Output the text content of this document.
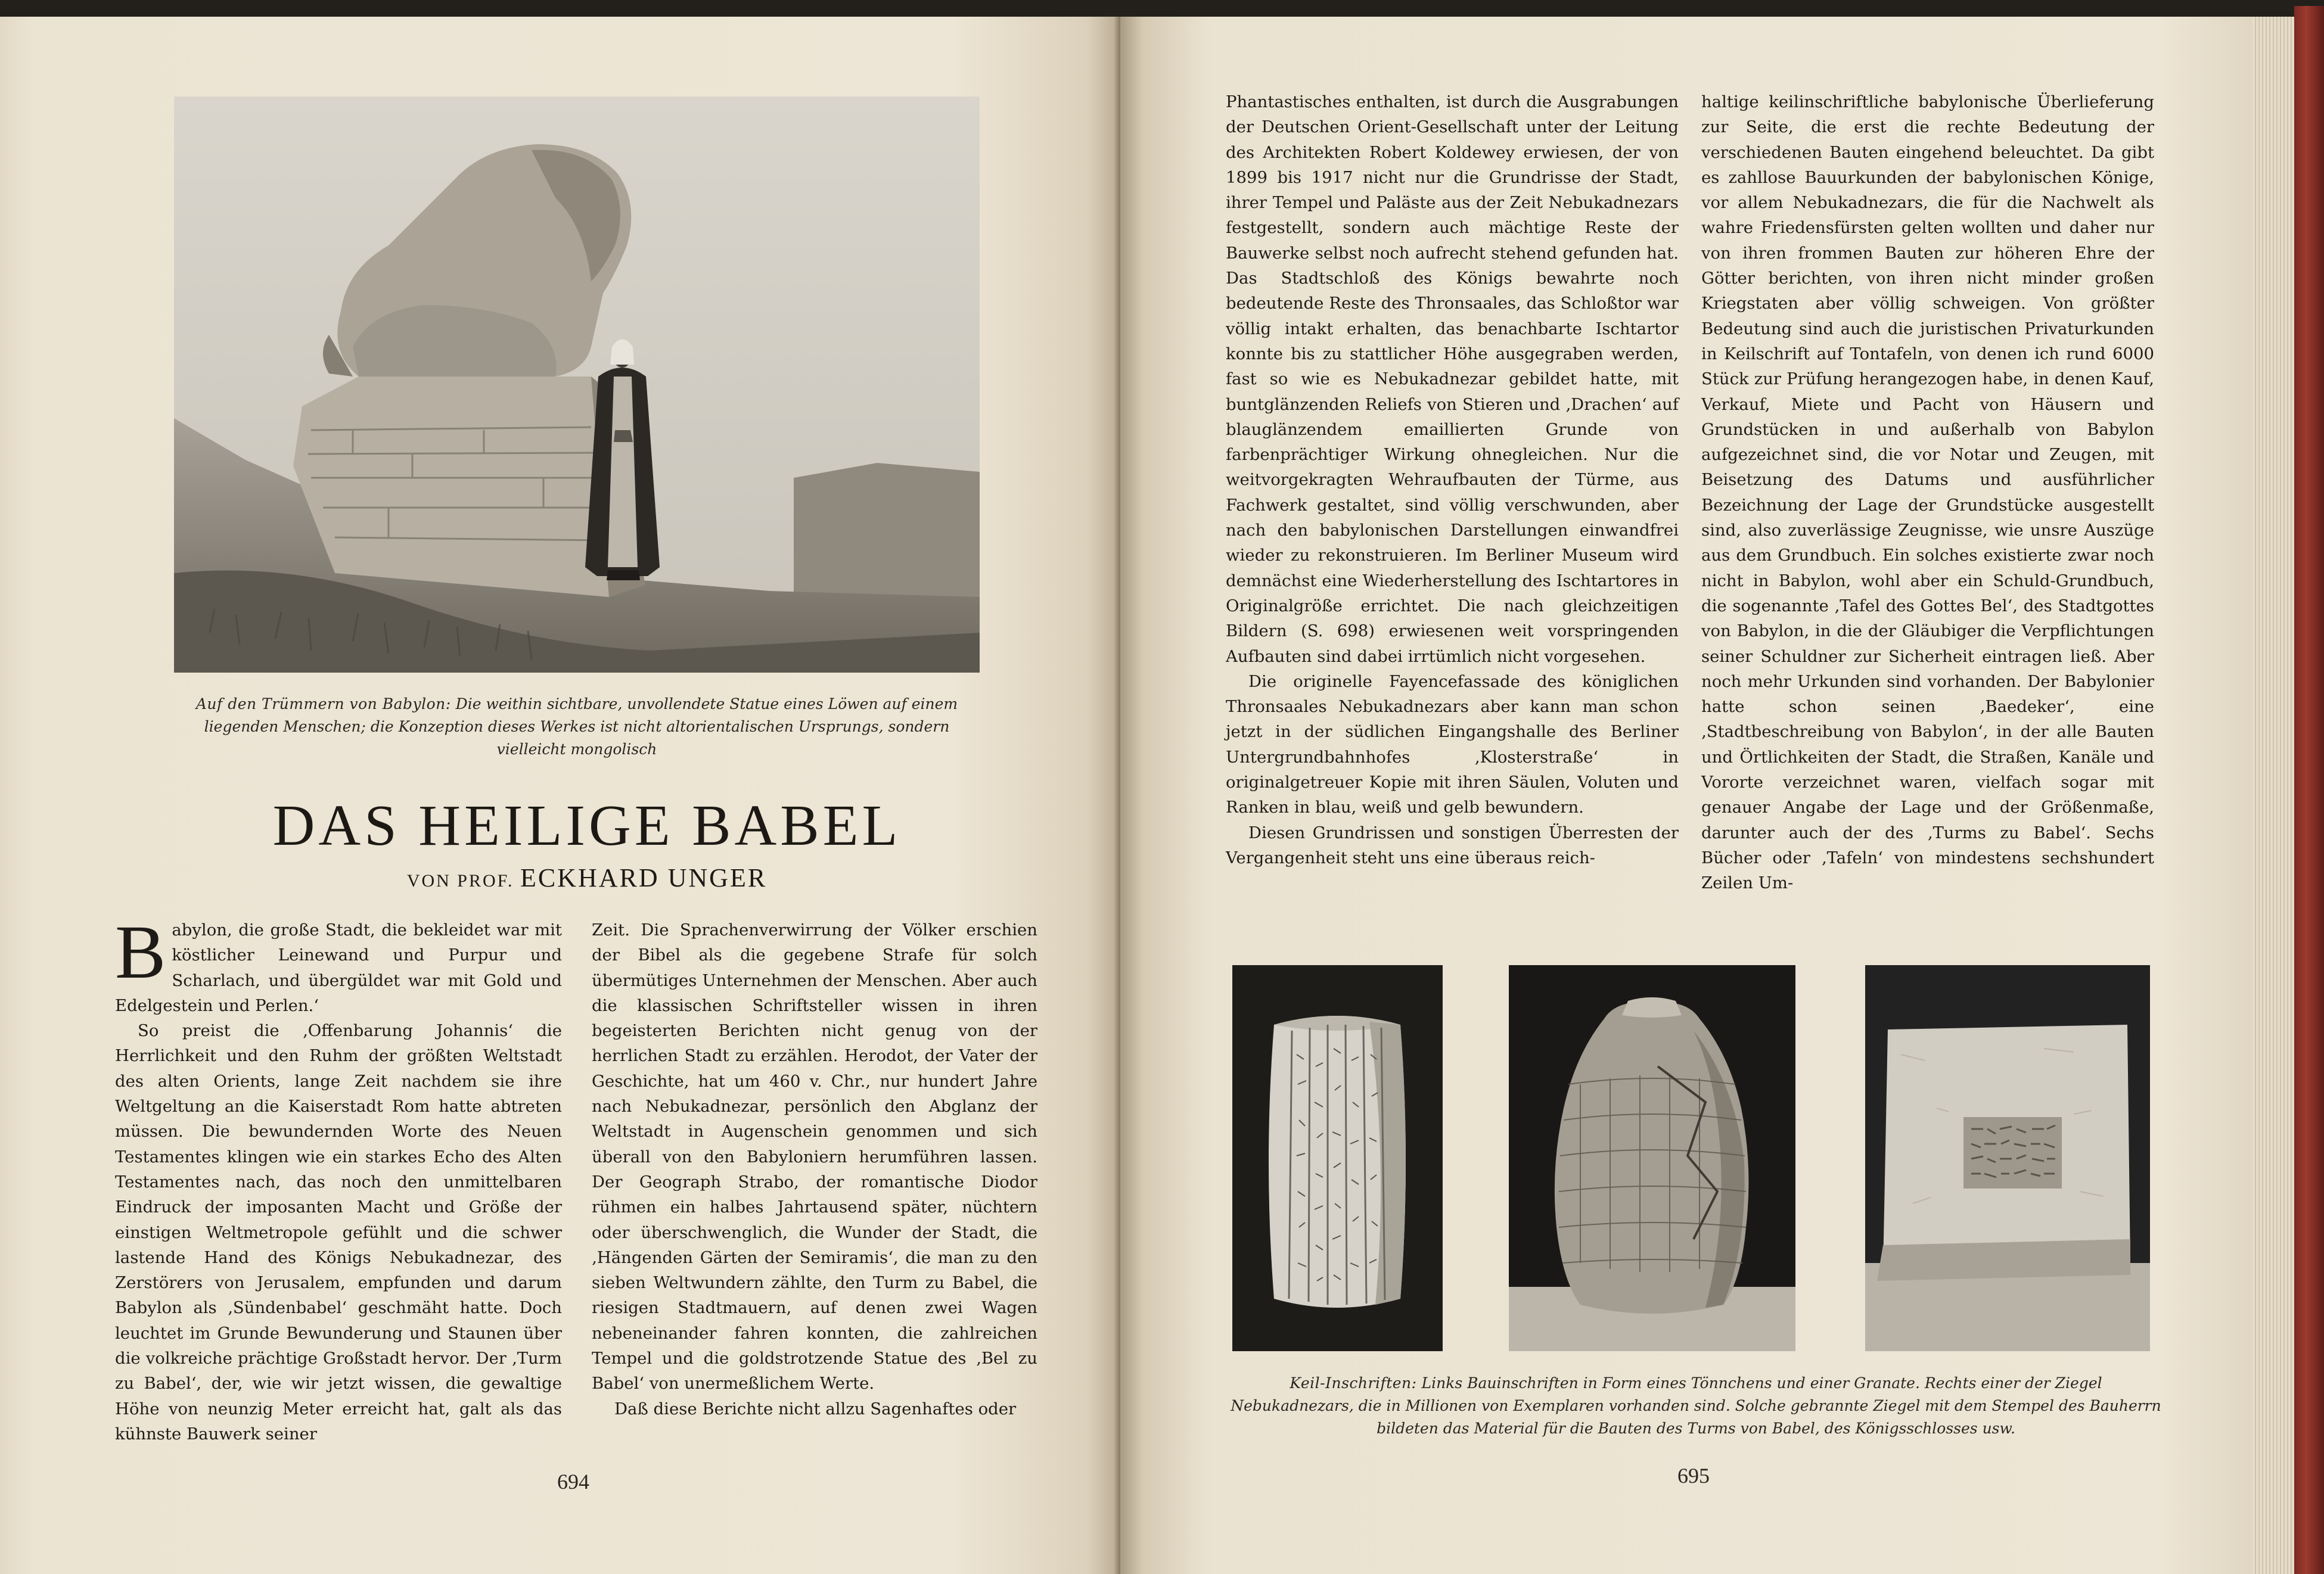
Auf den Trümmern von Babylon: Die weithin sichtbare, unvollendete Statue eines Löwen auf einem liegenden Menschen; die Konzeption dieses Werkes ist nicht altorientalischen Ursprungs, sondern vielleicht mongolisch
DAS HEILIGE BABEL
VON PROF. ECKHARD UNGER

Babylon, die große Stadt, die bekleidet war mit köstlicher Leinewand und Purpur und Scharlach, und übergüldet war mit Gold und Edelgestein und Perlen.‘

So preist die ‚Offenbarung Johannis‘ die Herrlichkeit und den Ruhm der größten Weltstadt des alten Orients, lange Zeit nachdem sie ihre Weltgeltung an die Kaiserstadt Rom hatte abtreten müssen. Die bewundernden Worte des Neuen Testamentes klingen wie ein starkes Echo des Alten Testamentes nach, das noch den unmittelbaren Eindruck der imposanten Macht und Größe der einstigen Weltmetropole gefühlt und die schwer lastende Hand des Königs Nebukadnezar, des Zerstörers von Jerusalem, empfunden und darum Babylon als ‚Sündenbabel‘ geschmäht hatte. Doch leuchtet im Grunde Bewunderung und Staunen über die volkreiche prächtige Großstadt hervor. Der ‚Turm zu Babel‘, der, wie wir jetzt wissen, die gewaltige Höhe von neunzig Meter erreicht hat, galt als das kühnste Bauwerk seiner

Zeit. Die Sprachenverwirrung der Völker erschien der Bibel als die gegebene Strafe für solch übermütiges Unternehmen der Menschen. Aber auch die klassischen Schriftsteller wissen in ihren begeisterten Berichten nicht genug von der herrlichen Stadt zu erzählen. Herodot, der Vater der Geschichte, hat um 460 v. Chr., nur hundert Jahre nach Nebukadnezar, persönlich den Abglanz der Weltstadt in Augenschein genommen und sich überall von den Babyloniern herumführen lassen. Der Geograph Strabo, der romantische Diodor rühmen ein halbes Jahrtausend später, nüchtern oder überschwenglich, die Wunder der Stadt, die ‚Hängenden Gärten der Semiramis‘, die man zu den sieben Weltwundern zählte, den Turm zu Babel, die riesigen Stadtmauern, auf denen zwei Wagen nebeneinander fahren konnten, die zahlreichen Tempel und die goldstrotzende Statue des ‚Bel zu Babel‘ von unermeßlichem Werte.

Daß diese Berichte nicht allzu Sagenhaftes oder

694

Phantastisches enthalten, ist durch die Ausgrabungen der Deutschen Orient-Gesellschaft unter der Leitung des Architekten Robert Koldewey erwiesen, der von 1899 bis 1917 nicht nur die Grundrisse der Stadt, ihrer Tempel und Paläste aus der Zeit Nebukadnezars festgestellt, sondern auch mächtige Reste der Bauwerke selbst noch aufrecht stehend gefunden hat. Das Stadtschloß des Königs bewahrte noch bedeutende Reste des Thronsaales, das Schloßtor war völlig intakt erhalten, das benachbarte Ischtartor konnte bis zu stattlicher Höhe ausgegraben werden, fast so wie es Nebukadnezar gebildet hatte, mit buntglänzenden Reliefs von Stieren und ‚Drachen‘ auf blauglänzendem emaillierten Grunde von farbenprächtiger Wirkung ohnegleichen. Nur die weitvorgekragten Wehraufbauten der Türme, aus Fachwerk gestaltet, sind völlig verschwunden, aber nach den babylonischen Darstellungen einwandfrei wieder zu rekonstruieren. Im Berliner Museum wird demnächst eine Wiederherstellung des Ischtartores in Originalgröße errichtet. Die nach gleichzeitigen Bildern (S. 698) erwiesenen weit vorspringenden Aufbauten sind dabei irrtümlich nicht vorgesehen.

Die originelle Fayencefassade des königlichen Thronsaales Nebukadnezars aber kann man schon jetzt in der südlichen Eingangshalle des Berliner Untergrundbahnhofes ‚Klosterstraße‘ in originalgetreuer Kopie mit ihren Säulen, Voluten und Ranken in blau, weiß und gelb bewundern.

Diesen Grundrissen und sonstigen Überresten der Vergangenheit steht uns eine überaus reich-

haltige keilinschriftliche babylonische Überlieferung zur Seite, die erst die rechte Bedeutung der verschiedenen Bauten eingehend beleuchtet. Da gibt es zahllose Bauurkunden der babylonischen Könige, vor allem Nebukadnezars, die für die Nachwelt als wahre Friedensfürsten gelten wollten und daher nur von ihren frommen Bauten zur höheren Ehre der Götter berichten, von ihren nicht minder großen Kriegstaten aber völlig schweigen. Von größter Bedeutung sind auch die juristischen Privaturkunden in Keilschrift auf Tontafeln, von denen ich rund 6000 Stück zur Prüfung herangezogen habe, in denen Kauf, Verkauf, Miete und Pacht von Häusern und Grundstücken in und außerhalb von Babylon aufgezeichnet sind, die vor Notar und Zeugen, mit Beisetzung des Datums und ausführlicher Bezeichnung der Lage der Grundstücke ausgestellt sind, also zuverlässige Zeugnisse, wie unsre Auszüge aus dem Grundbuch. Ein solches existierte zwar noch nicht in Babylon, wohl aber ein Schuld-Grundbuch, die sogenannte ‚Tafel des Gottes Bel‘, des Stadtgottes von Babylon, in die der Gläubiger die Verpflichtungen seiner Schuldner zur Sicherheit eintragen ließ. Aber noch mehr Urkunden sind vorhanden. Der Babylonier hatte schon seinen ‚Baedeker‘, eine ‚Stadtbeschreibung von Babylon‘, in der alle Bauten und Örtlichkeiten der Stadt, die Straßen, Kanäle und Vororte verzeichnet waren, vielfach sogar mit genauer Angabe der Lage und der Größenmaße, darunter auch der des ‚Turms zu Babel‘. Sechs Bücher oder ‚Tafeln‘ von mindestens sechshundert Zeilen Um-

Keil-Inschriften: Links Bauinschriften in Form eines Tönnchens und einer Granate. Rechts einer der Ziegel Nebukadnezars, die in Millionen von Exemplaren vorhanden sind. Solche gebrannte Ziegel mit dem Stempel des Bauherrn bildeten das Material für die Bauten des Turms von Babel, des Königsschlosses usw.
695
